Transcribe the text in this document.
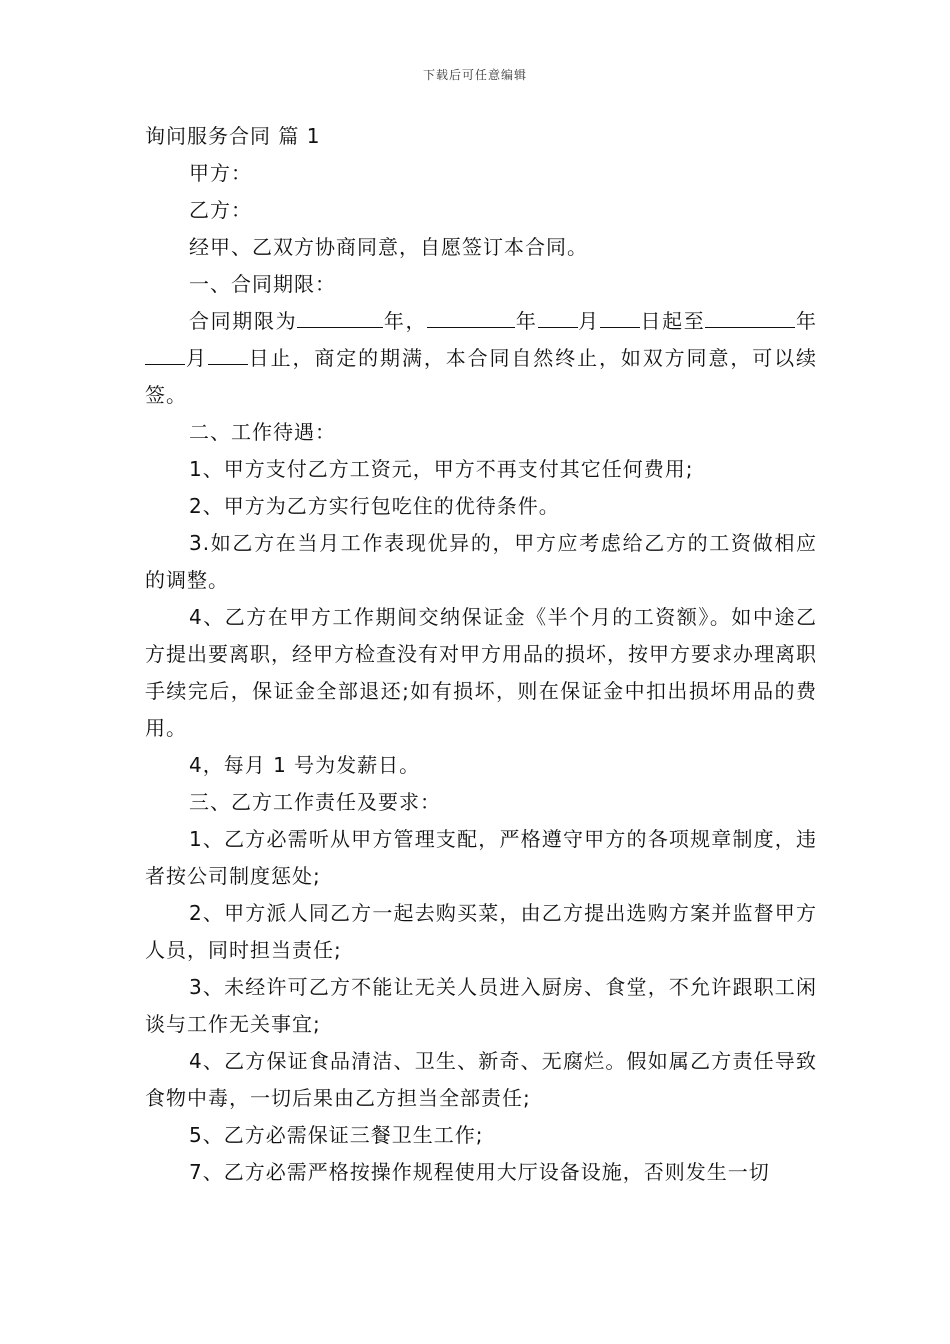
下载后可任意编辑

询问服务合同 篇 1

甲方：

乙方：

经甲、乙双方协商同意，自愿签订本合同。

一、合同期限：

合同期限为	年，	年 月 日起至	年月 日止，商定的期满，本合同自然终止，如双方同意，可以续签。

二、工作待遇：

1、甲方支付乙方工资元，甲方不再支付其它任何费用;

2、甲方为乙方实行包吃住的优待条件。

3.如乙方在当月工作表现优异的，甲方应考虑给乙方的工资做相应的调整。

4、乙方在甲方工作期间交纳保证金《半个月的工资额》。如中途乙方提出要离职，经甲方检查没有对甲方用品的损坏，按甲方要求办理离职手续完后，保证金全部退还;如有损坏，则在保证金中扣出损坏用品的费用。

4，每月 1 号为发薪日。

三、乙方工作责任及要求：

1、乙方必需听从甲方管理支配，严格遵守甲方的各项规章制度，违者按公司制度惩处;

2、甲方派人同乙方一起去购买菜，由乙方提出选购方案并监督甲方人员，同时担当责任;

3、未经许可乙方不能让无关人员进入厨房、食堂，不允许跟职工闲谈与工作无关事宜;

4、乙方保证食品清洁、卫生、新奇、无腐烂。假如属乙方责任导致食物中毒，一切后果由乙方担当全部责任;

5、乙方必需保证三餐卫生工作;

7、乙方必需严格按操作规程使用大厅设备设施，否则发生一切
